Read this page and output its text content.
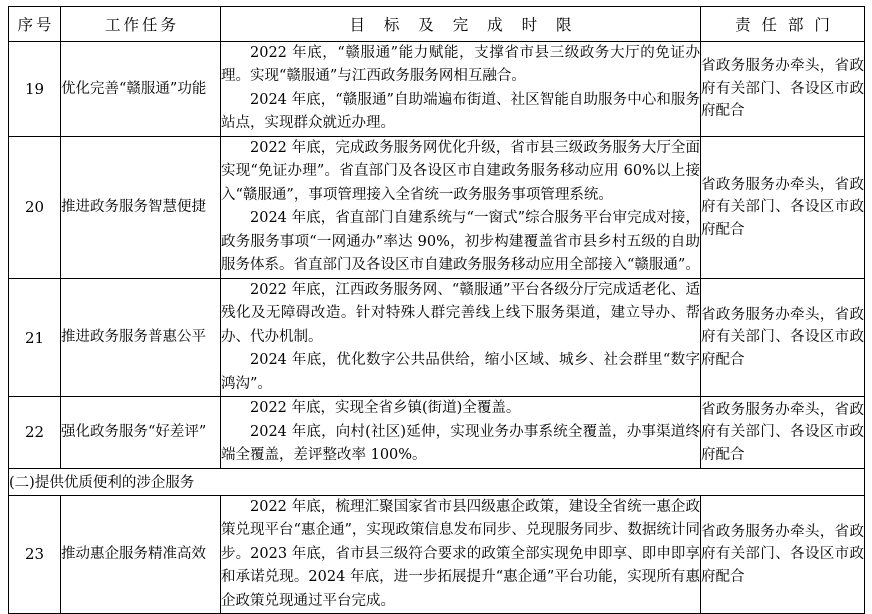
序号	工作任务	目 标 及 完 成 时 限	责 任 部 门
19	优化完善“赣服通”功能	2022 年底，“赣服通”能力赋能，支撑省市县三级政务大厅的免证办理。实现“赣服通”与江西政务服务网相互融合。

2024 年底，“赣服通”自助端遍布街道、社区智能自助服务中心和服务站点，实现群众就近办理。	省政务服务办牵头，省政府有关部门、各设区市政府配合
20	推进政务服务智慧便捷	2022 年底，完成政务服务网优化升级，省市县三级政务服务大厅全面实现“免证办理”。省直部门及各设区市自建政务服务移动应用 60%以上接入“赣服通”，事项管理接入全省统一政务服务事项管理系统。

2024 年底，省直部门自建系统与“一窗式”综合服务平台审完成对接，政务服务事项“一网通办”率达 90%，初步构建覆盖省市县乡村五级的自助服务体系。省直部门及各设区市自建政务服务移动应用全部接入“赣服通”。	省政务服务办牵头，省政府有关部门、各设区市政府配合
21	推进政务服务普惠公平	2022 年底，江西政务服务网、“赣服通”平台各级分厅完成适老化、适残化及无障碍改造。针对特殊人群完善线上线下服务渠道，建立导办、帮办、代办机制。

2024 年底，优化数字公共品供给，缩小区域、城乡、社会群里“数字鸿沟”。	省政务服务办牵头，省政府有关部门、各设区市政府配合
22	强化政务服务“好差评”	2022 年底，实现全省乡镇(街道)全覆盖。

2024 年底，向村(社区)延伸，实现业务办事系统全覆盖，办事渠道终端全覆盖，差评整改率 100%。	省政务服务办牵头，省政府有关部门、各设区市政府配合
(二)提供优质便利的涉企服务			
23	推动惠企服务精准高效	2022 年底，梳理汇聚国家省市县四级惠企政策，建设全省统一惠企政策兑现平台“惠企通”，实现政策信息发布同步、兑现服务同步、数据统计同步。2023 年底，省市县三级符合要求的政策全部实现免申即享、即申即享和承诺兑现。2024 年底，进一步拓展提升“惠企通”平台功能，实现所有惠企政策兑现通过平台完成。	省政务服务办牵头，省政府有关部门、各设区市政府配合
